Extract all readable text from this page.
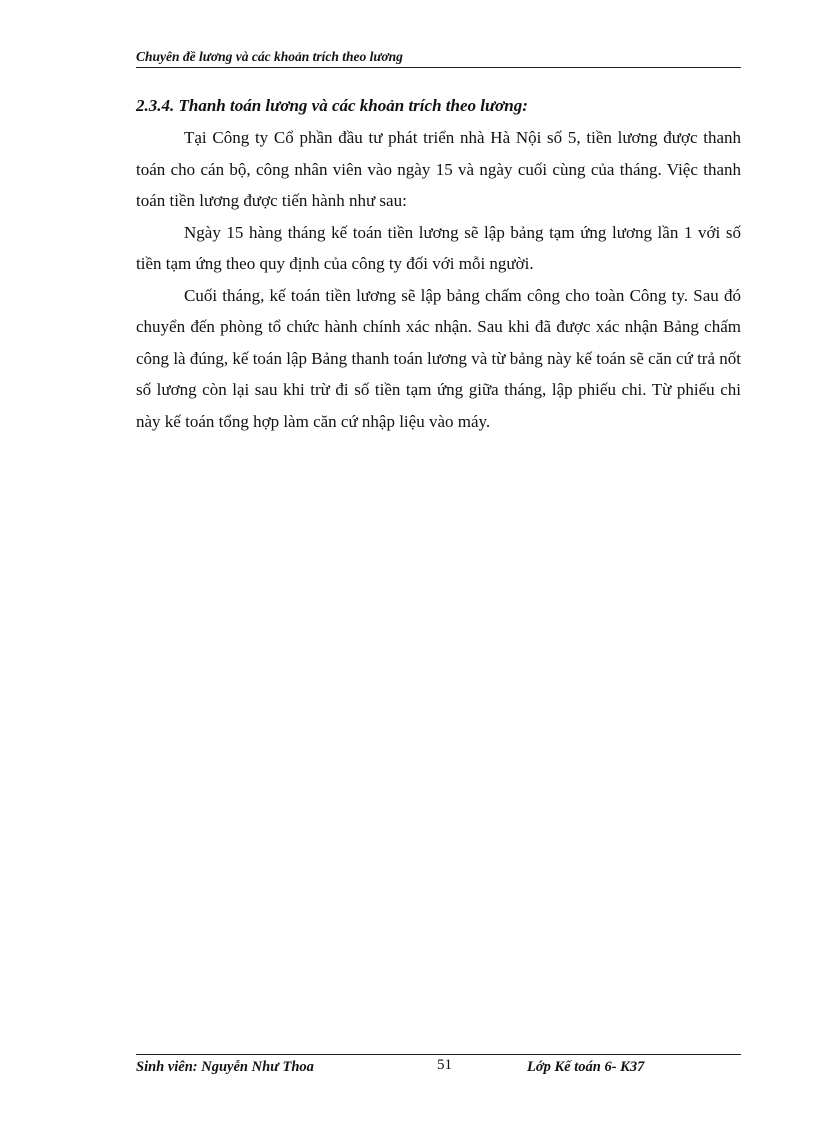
Chuyên đề lương và các khoản trích theo lương
2.3.4. Thanh toán lương và các khoản trích theo lương:

Tại Công ty Cổ phần đầu tư phát triển nhà Hà Nội số 5, tiền lương được thanh toán cho cán bộ, công nhân viên vào ngày 15 và ngày cuối cùng của tháng. Việc thanh toán tiền lương được tiến hành như sau:

Ngày 15 hàng tháng kế toán tiền lương sẽ lập bảng tạm ứng lương lần 1 với số tiền tạm ứng theo quy định của công ty đối với mỗi người.

Cuối tháng, kế toán tiền lương sẽ lập bảng chấm công cho toàn Công ty. Sau đó chuyển đến phòng tổ chức hành chính xác nhận. Sau khi đã được xác nhận Bảng chấm công là đúng, kế toán lập Bảng thanh toán lương và từ bảng này kế toán sẽ căn cứ trả nốt số lương còn lại sau khi trừ đi số tiền tạm ứng giữa tháng, lập phiếu chi. Từ phiếu chi này kế toán tổng hợp làm căn cứ nhập liệu vào máy.

Sinh viên: Nguyễn Như Thoa	51	Lớp Kế toán 6- K37
